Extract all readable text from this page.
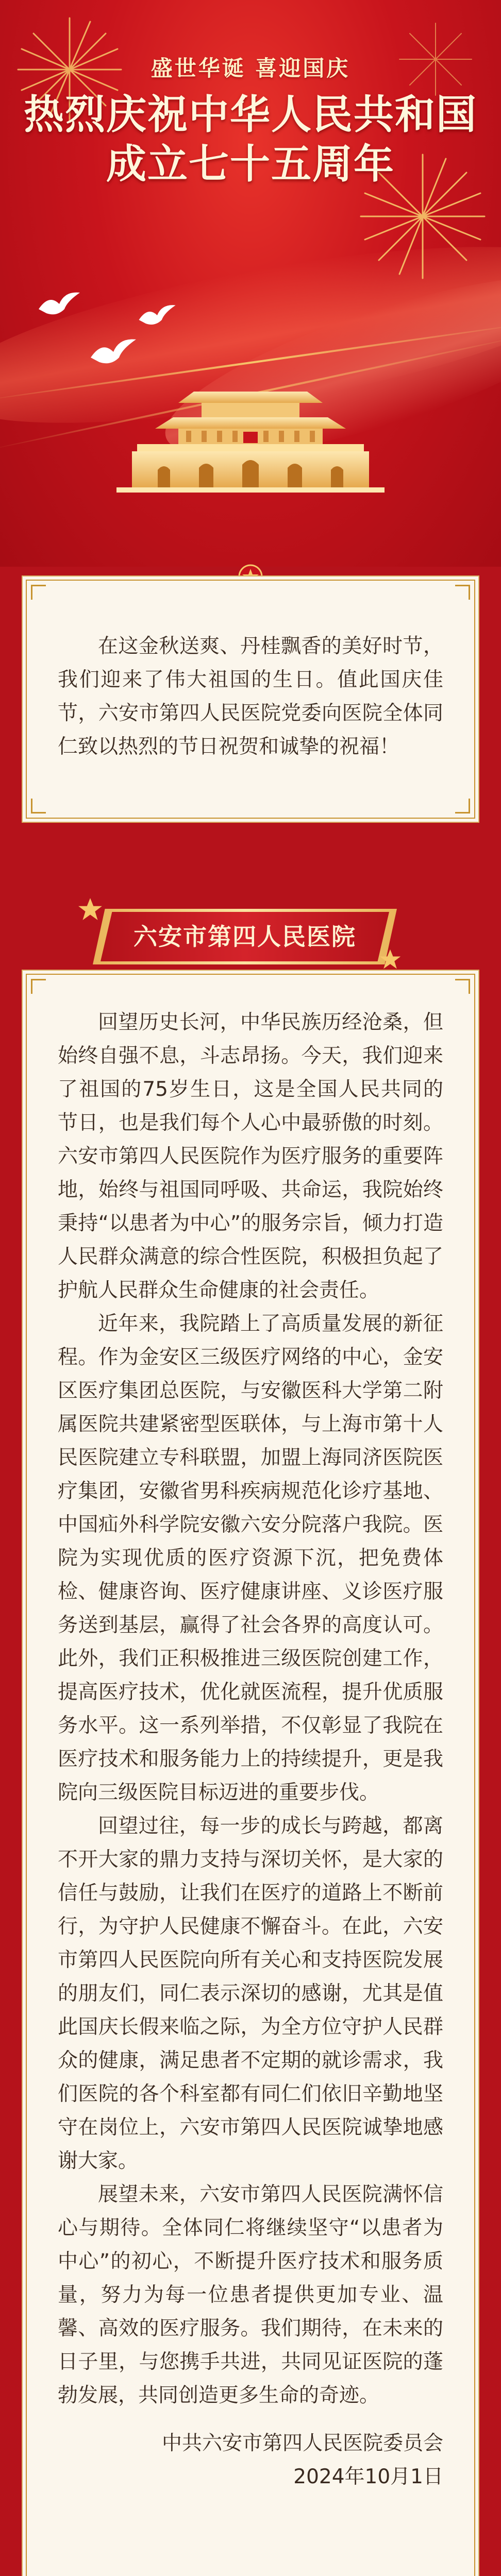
盛世华诞 喜迎国庆
热烈庆祝中华人民共和国
成立七十五周年

在这金秋送爽、丹桂飘香的美好时节，我们迎来了伟大祖国的生日。值此国庆佳节，六安市第四人民医院党委向医院全体同仁致以热烈的节日祝贺和诚挚的祝福！

六安市第四人民医院

回望历史长河，中华民族历经沧桑，但始终自强不息，斗志昂扬。今天，我们迎来了祖国的75岁生日，这是全国人民共同的节日，也是我们每个人心中最骄傲的时刻。六安市第四人民医院作为医疗服务的重要阵地，始终与祖国同呼吸、共命运，我院始终秉持“以患者为中心”的服务宗旨，倾力打造人民群众满意的综合性医院，积极担负起了护航人民群众生命健康的社会责任。

近年来，我院踏上了高质量发展的新征程。作为金安区三级医疗网络的中心，金安区医疗集团总医院，与安徽医科大学第二附属医院共建紧密型医联体，与上海市第十人民医院建立专科联盟，加盟上海同济医院医疗集团，安徽省男科疾病规范化诊疗基地、中国疝外科学院安徽六安分院落户我院。医院为实现优质的医疗资源下沉，把免费体检、健康咨询、医疗健康讲座、义诊医疗服务送到基层，赢得了社会各界的高度认可。此外，我们正积极推进三级医院创建工作，提高医疗技术，优化就医流程，提升优质服务水平。这一系列举措，不仅彰显了我院在医疗技术和服务能力上的持续提升，更是我院向三级医院目标迈进的重要步伐。

回望过往，每一步的成长与跨越，都离不开大家的鼎力支持与深切关怀，是大家的信任与鼓励，让我们在医疗的道路上不断前行，为守护人民健康不懈奋斗。在此，六安市第四人民医院向所有关心和支持医院发展的朋友们，同仁表示深切的感谢，尤其是值此国庆长假来临之际，为全方位守护人民群众的健康，满足患者不定期的就诊需求，我们医院的各个科室都有同仁们依旧辛勤地坚守在岗位上，六安市第四人民医院诚挚地感谢大家。

展望未来，六安市第四人民医院满怀信心与期待。全体同仁将继续坚守“以患者为中心”的初心，不断提升医疗技术和服务质量，努力为每一位患者提供更加专业、温馨、高效的医疗服务。我们期待，在未来的日子里，与您携手共进，共同见证医院的蓬勃发展，共同创造更多生命的奇迹。

中共六安市第四人民医院委员会
2024年10月1日
